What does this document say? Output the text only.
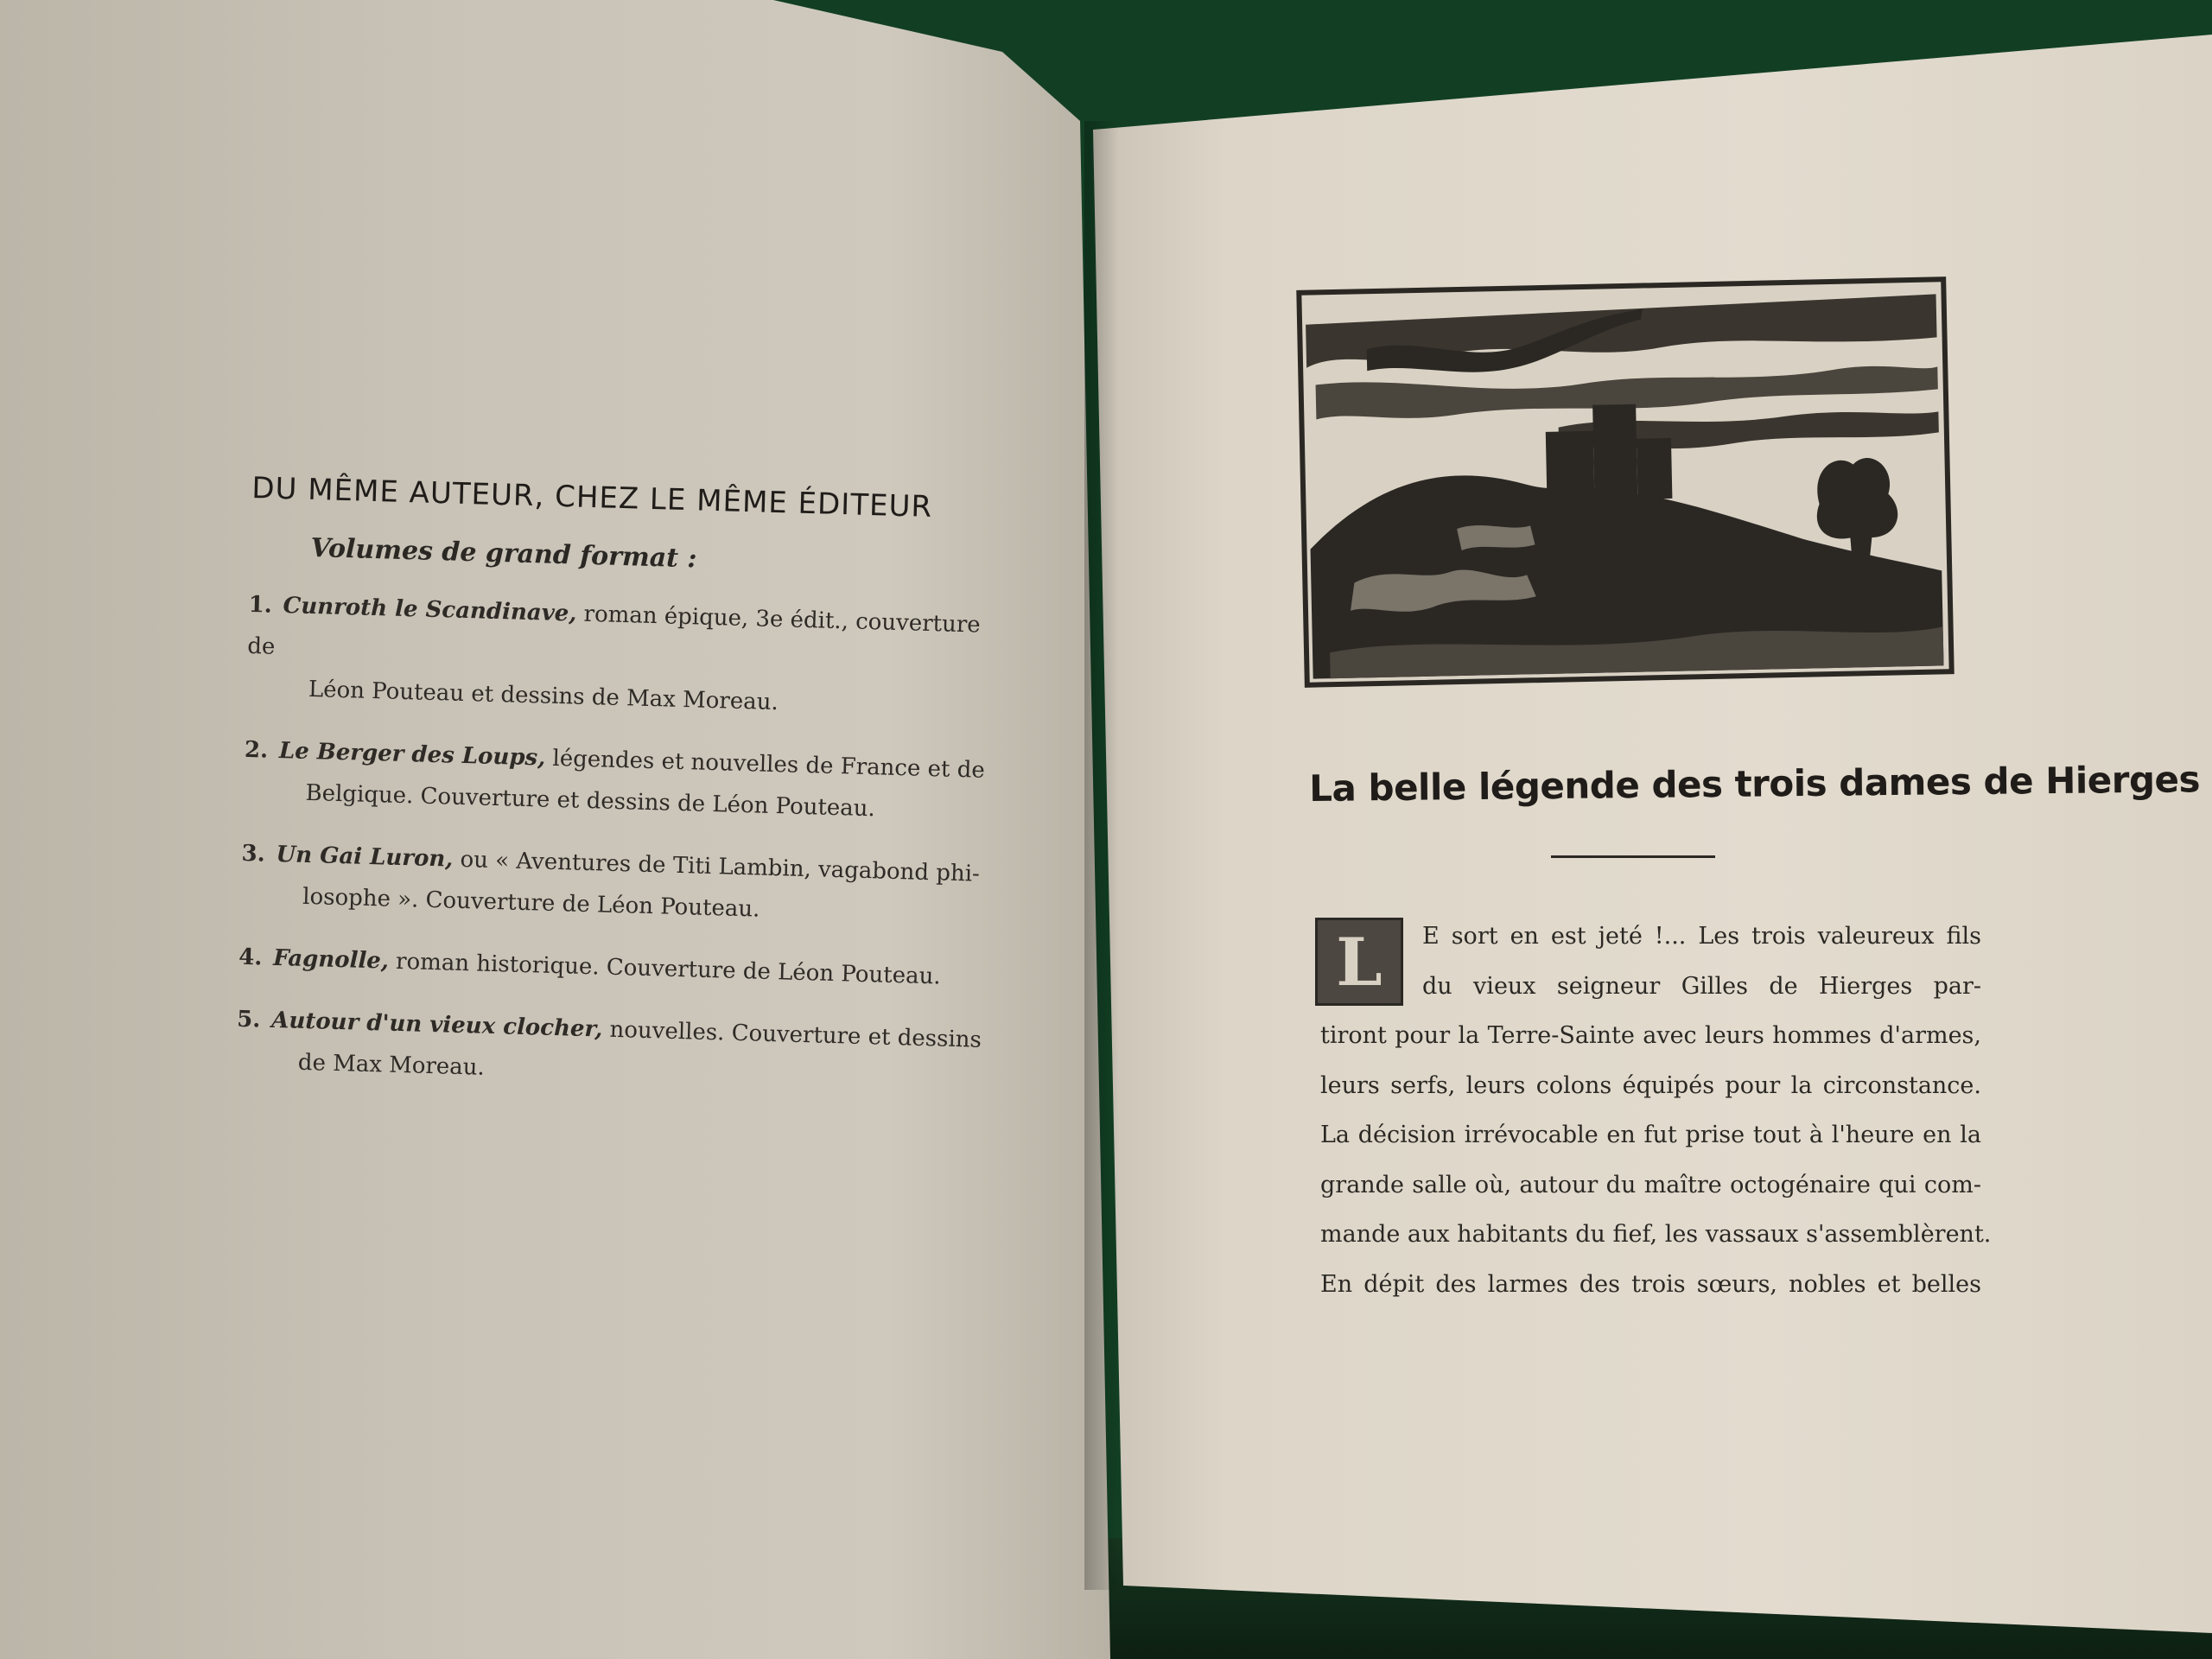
DU MÊME AUTEUR, CHEZ LE MÊME ÉDITEUR
Volumes de grand format :
1. Cunroth le Scandinave, roman épique, 3e édit., couverture de
Léon Pouteau et dessins de Max Moreau.
2. Le Berger des Loups, légendes et nouvelles de France et de
Belgique. Couverture et dessins de Léon Pouteau.
3. Un Gai Luron, ou « Aventures de Titi Lambin, vagabond phi-
losophe ». Couverture de Léon Pouteau.
4. Fagnolle, roman historique. Couverture de Léon Pouteau.
5. Autour d'un vieux clocher, nouvelles. Couverture et dessins
de Max Moreau.
La belle légende des trois dames de Hierges
L	E sort en est jeté !... Les trois valeureux fils
du vieux seigneur Gilles de Hierges par-
tiront pour la Terre-Sainte avec leurs hommes d'armes,
leurs serfs, leurs colons équipés pour la circonstance.
La décision irrévocable en fut prise tout à l'heure en la
grande salle où, autour du maître octogénaire qui com-
mande aux habitants du fief, les vassaux s'assemblèrent.
En dépit des larmes des trois sœurs, nobles et belles
